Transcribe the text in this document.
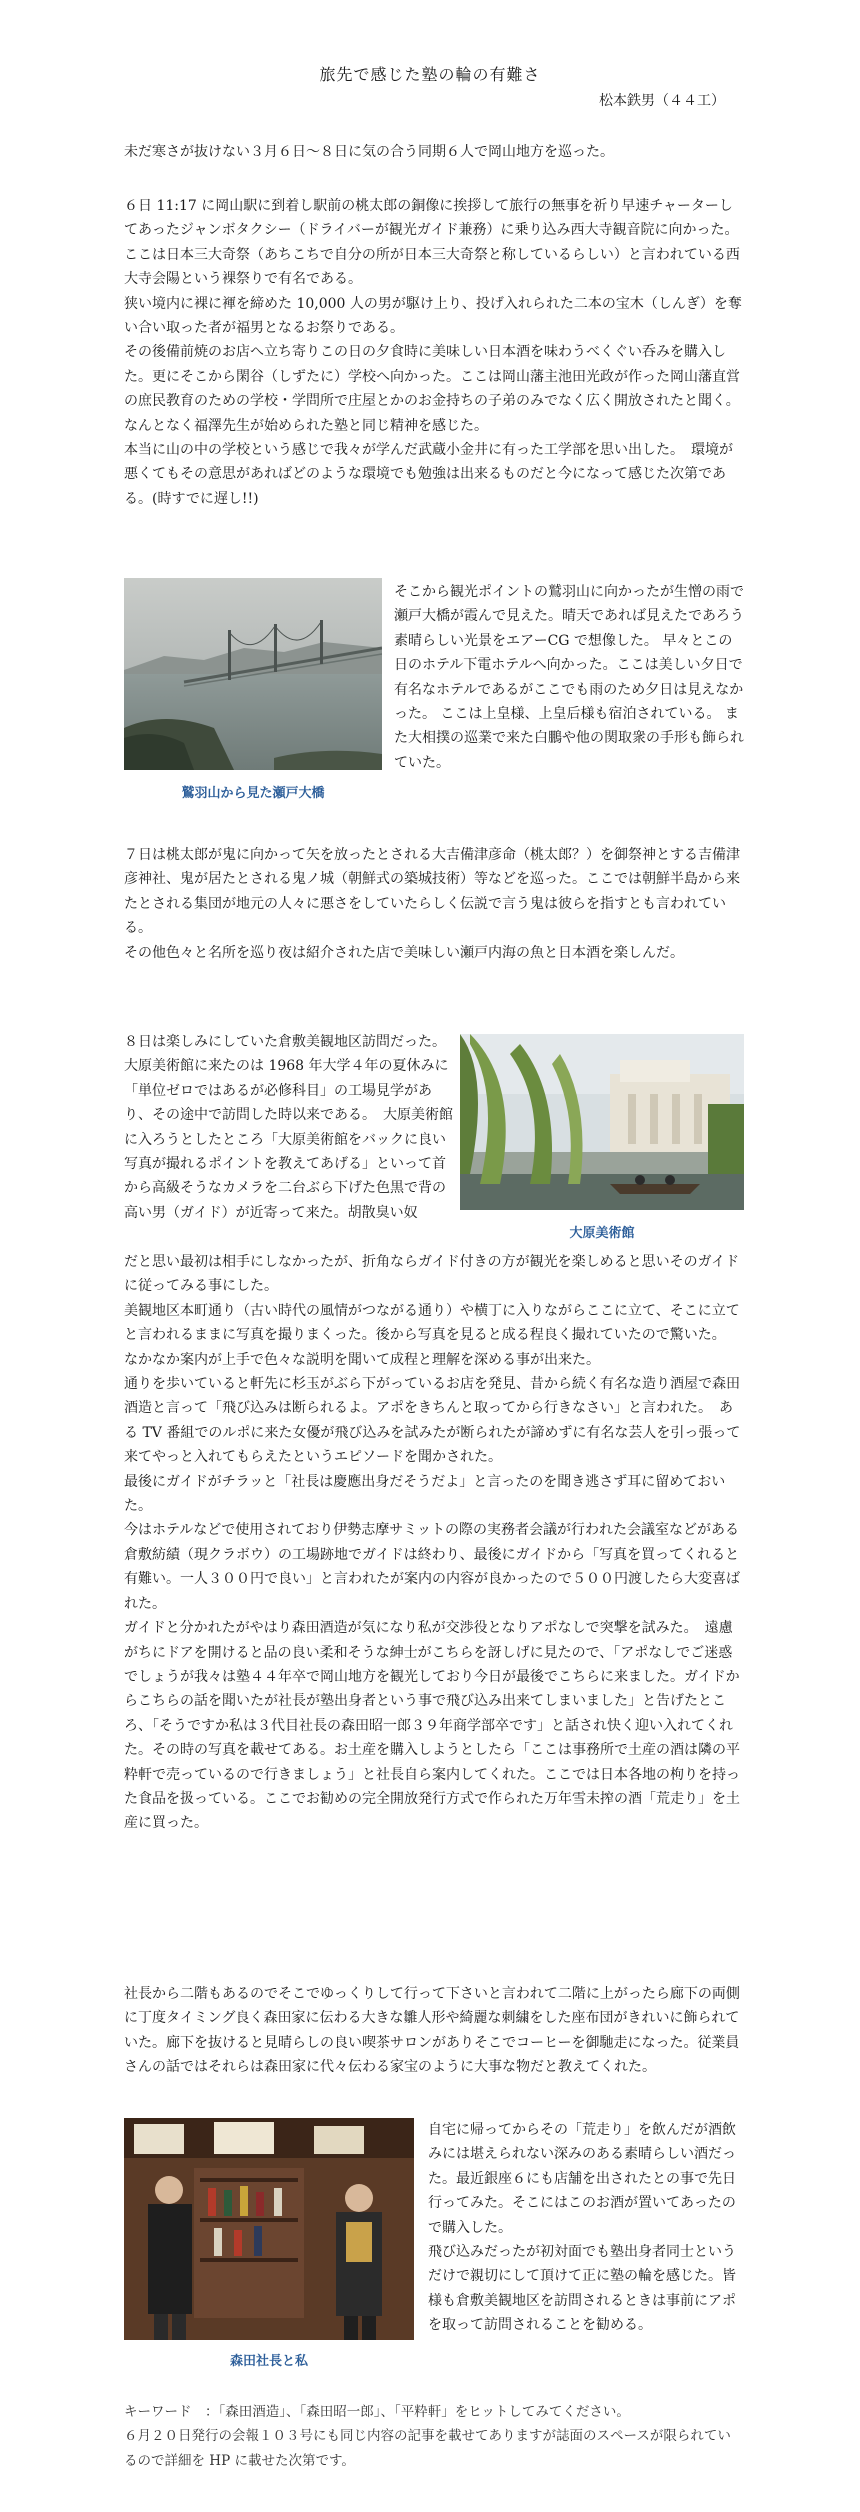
旅先で感じた塾の輪の有難さ
松本鉄男（４４工）

未だ寒さが抜けない３月６日～８日に気の合う同期６人で岡山地方を巡った。

６日 11:17 に岡山駅に到着し駅前の桃太郎の銅像に挨拶して旅行の無事を祈り早速チャーターしてあったジャンボタクシー（ドライバーが観光ガイド兼務）に乗り込み西大寺観音院に向かった。ここは日本三大奇祭（あちこちで自分の所が日本三大奇祭と称しているらしい）と言われている西大寺会陽という裸祭りで有名である。

狭い境内に裸に褌を締めた 10,000 人の男が駆け上り、投げ入れられた二本の宝木（しんぎ）を奪い合い取った者が福男となるお祭りである。

その後備前焼のお店へ立ち寄りこの日の夕食時に美味しい日本酒を味わうべくぐい呑みを購入した。更にそこから閑谷（しずたに）学校へ向かった。ここは岡山藩主池田光政が作った岡山藩直営の庶民教育のための学校・学問所で庄屋とかのお金持ちの子弟のみでなく広く開放されたと聞く。なんとなく福澤先生が始められた塾と同じ精神を感じた。

本当に山の中の学校という感じで我々が学んだ武蔵小金井に有った工学部を思い出した。　環境が悪くてもその意思があればどのような環境でも勉強は出来るものだと今になって感じた次第である。(時すでに遅し!!)

鷲羽山から見た瀬戸大橋

そこから観光ポイントの鷲羽山に向かったが生憎の雨で瀬戸大橋が霞んで見えた。晴天であれば見えたであろう素晴らしい光景をエアーCG で想像した。 早々とこの日のホテル下電ホテルへ向かった。ここは美しい夕日で有名なホテルであるがここでも雨のため夕日は見えなかった。 ここは上皇様、上皇后様も宿泊されている。 また大相撲の巡業で来た白鵬や他の関取衆の手形も飾られていた。

７日は桃太郎が鬼に向かって矢を放ったとされる大吉備津彦命（桃太郎？）を御祭神とする吉備津彦神社、鬼が居たとされる鬼ノ城（朝鮮式の築城技術）等などを巡った。ここでは朝鮮半島から来たとされる集団が地元の人々に悪さをしていたらしく伝説で言う鬼は彼らを指すとも言われている。

その他色々と名所を巡り夜は紹介された店で美味しい瀬戸内海の魚と日本酒を楽しんだ。

８日は楽しみにしていた倉敷美観地区訪問だった。　大原美術館に来たのは 1968 年大学４年の夏休みに「単位ゼロではあるが必修科目」の工場見学があり、その途中で訪問した時以来である。　大原美術館に入ろうとしたところ「大原美術館をバックに良い写真が撮れるポイントを教えてあげる」といって首から高級そうなカメラを二台ぶら下げた色黒で背の高い男（ガイド）が近寄って来た。胡散臭い奴

大原美術館

だと思い最初は相手にしなかったが、折角ならガイド付きの方が観光を楽しめると思いそのガイドに従ってみる事にした。

美観地区本町通り（古い時代の風情がつながる通り）や横丁に入りながらここに立て、そこに立てと言われるままに写真を撮りまくった。後から写真を見ると成る程良く撮れていたので驚いた。

なかなか案内が上手で色々な説明を聞いて成程と理解を深める事が出来た。

通りを歩いていると軒先に杉玉がぶら下がっているお店を発見、昔から続く有名な造り酒屋で森田酒造と言って「飛び込みは断られるよ。アポをきちんと取ってから行きなさい」と言われた。　ある TV 番組でのルポに来た女優が飛び込みを試みたが断られたが諦めずに有名な芸人を引っ張って来てやっと入れてもらえたというエピソードを聞かされた。

最後にガイドがチラッと「社長は慶應出身だそうだよ」と言ったのを聞き逃さず耳に留めておいた。

今はホテルなどで使用されており伊勢志摩サミットの際の実務者会議が行われた会議室などがある倉敷紡績（現クラボウ）の工場跡地でガイドは終わり、最後にガイドから「写真を買ってくれると有難い。一人３００円で良い」と言われたが案内の内容が良かったので５００円渡したら大変喜ばれた。

ガイドと分かれたがやはり森田酒造が気になり私が交渉役となりアポなしで突撃を試みた。　遠慮がちにドアを開けると品の良い柔和そうな紳士がこちらを訝しげに見たので、「アポなしでご迷惑でしょうが我々は塾４４年卒で岡山地方を観光しており今日が最後でこちらに来ました。ガイドからこちらの話を聞いたが社長が塾出身者という事で飛び込み出来てしまいました」と告げたところ、「そうですか私は３代目社長の森田昭一郎３９年商学部卒です」と話され快く迎い入れてくれた。その時の写真を載せてある。お土産を購入しようとしたら「ここは事務所で土産の酒は隣の平粋軒で売っているので行きましょう」と社長自ら案内してくれた。ここでは日本各地の枸りを持った食品を扱っている。ここでお勧めの完全開放発行方式で作られた万年雪未搾の酒「荒走り」を土産に買った。

社長から二階もあるのでそこでゆっくりして行って下さいと言われて二階に上がったら廊下の両側に丁度タイミング良く森田家に伝わる大きな雛人形や綺麗な刺繍をした座布団がきれいに飾られていた。廊下を抜けると見晴らしの良い喫茶サロンがありそこでコーヒーを御馳走になった。従業員さんの話ではそれらは森田家に代々伝わる家宝のように大事な物だと教えてくれた。

森田社長と私

自宅に帰ってからその「荒走り」を飲んだが酒飲みには堪えられない深みのある素晴らしい酒だった。最近銀座６にも店舗を出されたとの事で先日行ってみた。そこにはこのお酒が置いてあったので購入した。

飛び込みだったが初対面でも塾出身者同士というだけで親切にして頂けて正に塾の輪を感じた。皆様も倉敷美観地区を訪問されるときは事前にアポを取って訪問されることを勧める。

キーワード　：「森田酒造」、「森田昭一郎」、「平粋軒」をヒットしてみてください。

６月２０日発行の会報１０３号にも同じ内容の記事を載せてありますが誌面のスペースが限られているので詳細を HP に載せた次第です。
